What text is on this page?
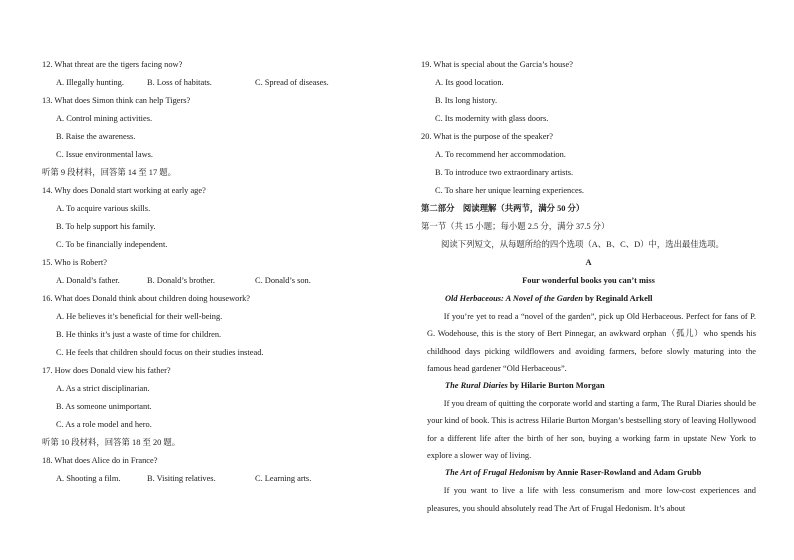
12. What threat are the tigers facing now?
A. Illegally hunting.	B. Loss of habitats.	C. Spread of diseases.
13. What does Simon think can help Tigers?
A. Control mining activities.
B. Raise the awareness.
C. Issue environmental laws.
听第 9 段材料，回答第 14 至 17 题。
14. Why does Donald start working at early age?
A. To acquire various skills.
B. To help support his family.
C. To be financially independent.
15. Who is Robert?
A. Donald’s father.	B. Donald’s brother.	C. Donald’s son.
16. What does Donald think about children doing housework?
A. He believes it’s beneficial for their well-being.
B. He thinks it’s just a waste of time for children.
C. He feels that children should focus on their studies instead.
17. How does Donald view his father?
A. As a strict disciplinarian.
B. As someone unimportant.
C. As a role model and hero.
听第 10 段材料，回答第 18 至 20 题。
18. What does Alice do in France?
A. Shooting a film.	B. Visiting relatives.	C. Learning arts.
19. What is special about the Garcia’s house?
A. Its good location.
B. Its long history.
C. Its modernity with glass doors.
20. What is the purpose of the speaker?
A. To recommend her accommodation.
B. To introduce two extraordinary artists.
C. To share her unique learning experiences.
第二部分　阅读理解（共两节，满分 50 分）
第一节（共 15 小题；每小题 2.5 分，满分 37.5 分）
阅读下列短文，从每题所给的四个选项（A、B、C、D）中，选出最佳选项。
A
Four wonderful books you can’t miss
Old Herbaceous: A Novel of the Garden by Reginald Arkell

If you’re yet to read a “novel of the garden”, pick up Old Herbaceous. Perfect for fans of P. G. Wodehouse, this is the story of Bert Pinnegar, an awkward orphan（孤儿）who spends his childhood days picking wildflowers and avoiding farmers, before slowly maturing into the famous head gardener “Old Herbaceous”.

The Rural Diaries by Hilarie Burton Morgan

If you dream of quitting the corporate world and starting a farm, The Rural Diaries should be your kind of book. This is actress Hilarie Burton Morgan’s bestselling story of leaving Hollywood for a different life after the birth of her son, buying a working farm in upstate New York to explore a slower way of living.

The Art of Frugal Hedonism by Annie Raser-Rowland and Adam Grubb

If you want to live a life with less consumerism and more low-cost experiences and pleasures, you should absolutely read The Art of Frugal Hedonism. It’s about
